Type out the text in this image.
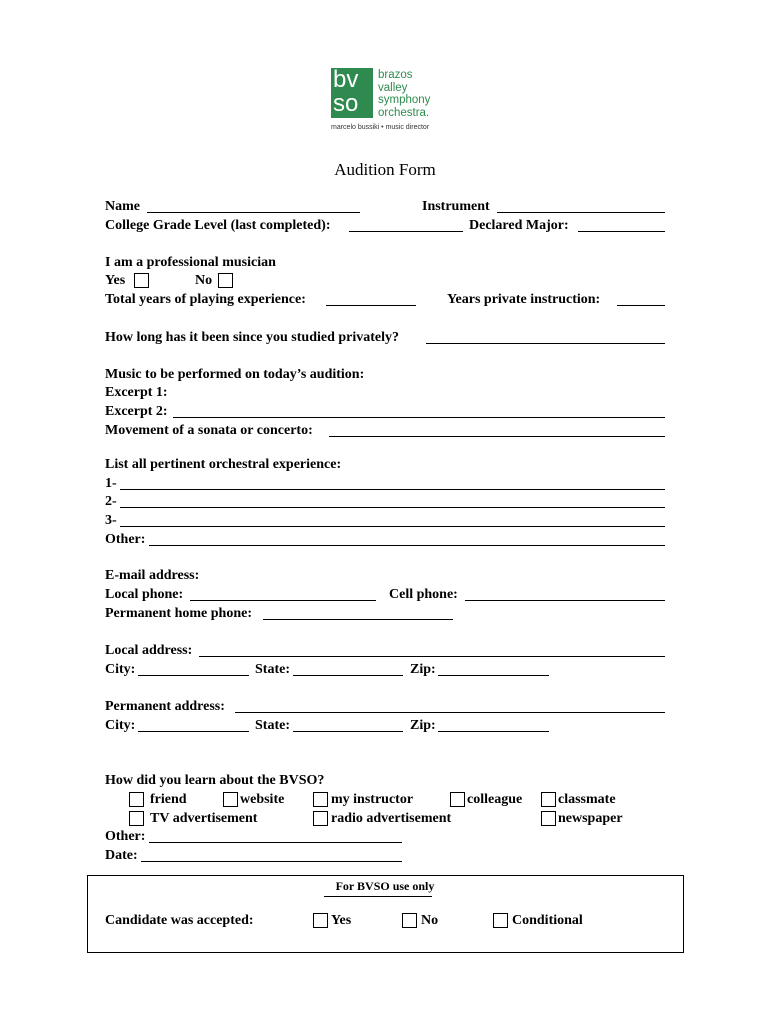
bv
so
brazos
valley
symphony
orchestra.
marcelo bussiki • music director
Audition Form
Name	Instrument
College Grade Level (last completed):	Declared Major:
I am a professional musician
Yes	No
Total years of playing experience:	Years private instruction:
How long has it been since you studied privately?
Music to be performed on today’s audition:
Excerpt 1:
Excerpt 2:
Movement of a sonata or concerto:
List all pertinent orchestral experience:
1-
2-
3-
Other:
E-mail address:
Local phone:	Cell phone:
Permanent home phone:
Local address:
City:	State:	Zip:
Permanent address:
City:	State:	Zip:
How did you learn about the BVSO?
friend	website	my instructor	colleague	classmate
TV advertisement	radio advertisement	newspaper
Other:
Date:
For BVSO use only
Candidate was accepted:	Yes	No	Conditional
